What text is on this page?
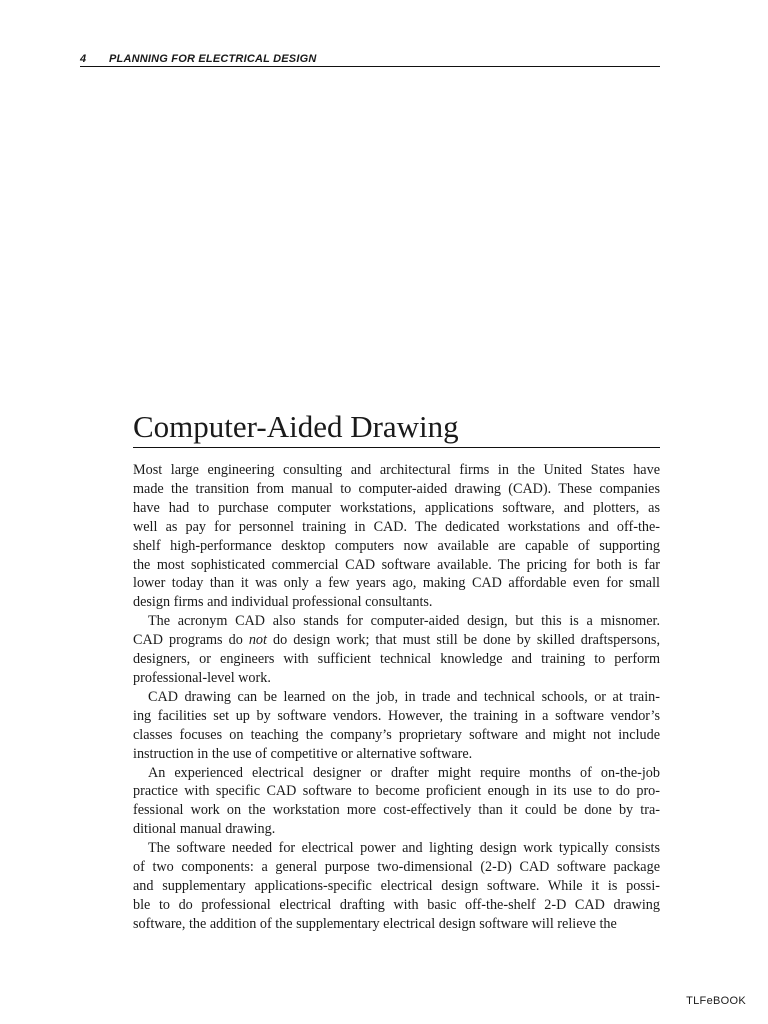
4 PLANNING FOR ELECTRICAL DESIGN
Computer-Aided Drawing
Most large engineering consulting and architectural firms in the United States have
made the transition from manual to computer-aided drawing (CAD). These companies
have had to purchase computer workstations, applications software, and plotters, as
well as pay for personnel training in CAD. The dedicated workstations and off-the-
shelf high-performance desktop computers now available are capable of supporting
the most sophisticated commercial CAD software available. The pricing for both is far
lower today than it was only a few years ago, making CAD affordable even for small
design firms and individual professional consultants.
The acronym CAD also stands for computer-aided design, but this is a misnomer.
CAD programs do not do design work; that must still be done by skilled draftspersons,
designers, or engineers with sufficient technical knowledge and training to perform
professional-level work.
CAD drawing can be learned on the job, in trade and technical schools, or at train-
ing facilities set up by software vendors. However, the training in a software vendor’s
classes focuses on teaching the company’s proprietary software and might not include
instruction in the use of competitive or alternative software.
An experienced electrical designer or drafter might require months of on-the-job
practice with specific CAD software to become proficient enough in its use to do pro-
fessional work on the workstation more cost-effectively than it could be done by tra-
ditional manual drawing.
The software needed for electrical power and lighting design work typically consists
of two components: a general purpose two-dimensional (2-D) CAD software package
and supplementary applications-specific electrical design software. While it is possi-
ble to do professional electrical drafting with basic off-the-shelf 2-D CAD drawing
software, the addition of the supplementary electrical design software will relieve the
TLFeBOOK
